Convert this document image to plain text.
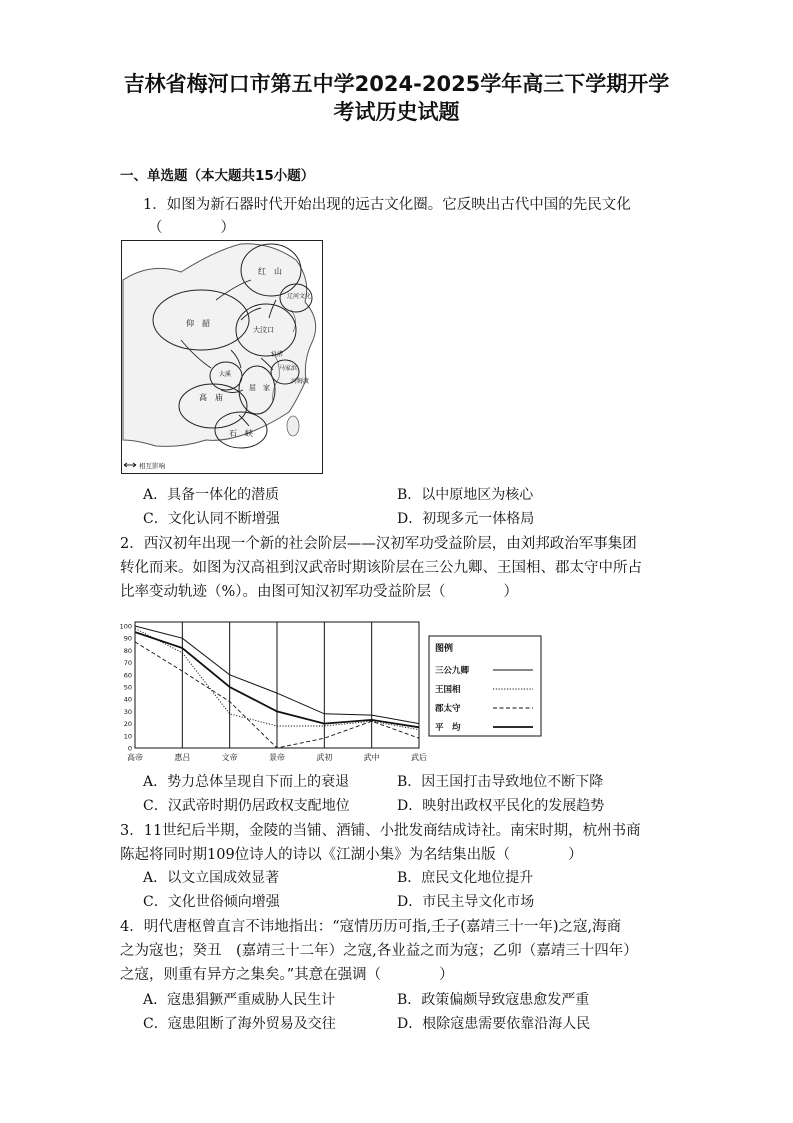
吉林省梅河口市第五中学2024-2025学年高三下学期开学
考试历史试题
一、单选题（本大题共15小题）
1．如图为新石器时代开始出现的远古文化圈。它反映出古代中国的先民文化
（　　　　）
红　山
辽河文化
仰　韶
大汶口
马家浜
河姆渡
屈　家
高　庙
石　峡
大溪
良渚
相互影响
A．具备一体化的潜质	B．以中原地区为核心
C．文化认同不断增强	D．初现多元一体格局
2．西汉初年出现一个新的社会阶层——汉初军功受益阶层，由刘邦政治军事集团
转化而来。如图为汉高祖到汉武帝时期该阶层在三公九卿、王国相、郡太守中所占
比率变动轨迹（%）。由图可知汉初军功受益阶层（　　　　）
100
90
80
70
60
50
40
30
20
10
0
高帝	惠吕	文帝	景帝	武初	武中	武后
图例
三公九卿
王国相
郡太守
平　均
A．势力总体呈现自下而上的衰退	B．因王国打击导致地位不断下降
C．汉武帝时期仍居政权支配地位	D．映射出政权平民化的发展趋势
3．11世纪后半期，金陵的当铺、酒铺、小批发商结成诗社。南宋时期，杭州书商
陈起将同时期109位诗人的诗以《江湖小集》为名结集出版（　　　　）
A．以文立国成效显著	B．庶民文化地位提升
C．文化世俗倾向增强	D．市民主导文化市场
4．明代唐枢曾直言不讳地指出：“寇情历历可指,壬子(嘉靖三十一年)之寇,海商
之为寇也；癸丑　(嘉靖三十二年）之寇,各业益之而为寇；乙卯（嘉靖三十四年）
之寇，则重有异方之集矣。”其意在强调（　　　　）
A．寇患猖獗严重威胁人民生计	B．政策偏颇导致寇患愈发严重
C．寇患阻断了海外贸易及交往	D．根除寇患需要依靠沿海人民
